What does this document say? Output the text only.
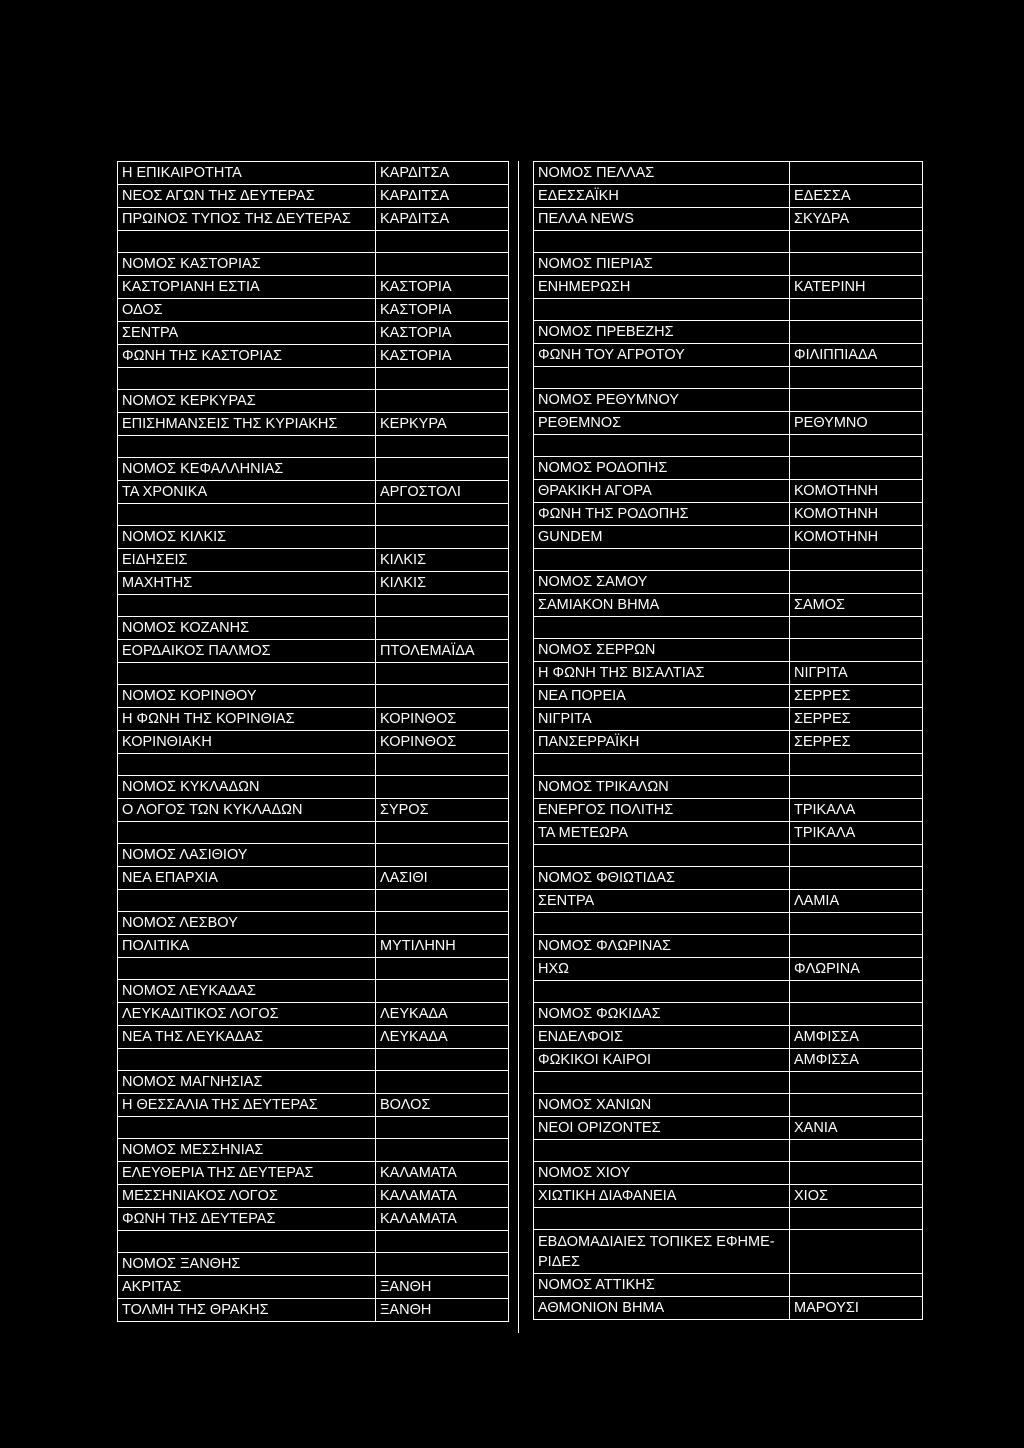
Η ΕΠΙΚΑΙΡΟΤΗΤΑ	ΚΑΡΔΙΤΣΑ
ΝΕΟΣ ΑΓΩΝ ΤΗΣ ΔΕΥΤΕΡΑΣ	ΚΑΡΔΙΤΣΑ
ΠΡΩΙΝΟΣ ΤΥΠΟΣ ΤΗΣ ΔΕΥΤΕΡΑΣ	ΚΑΡΔΙΤΣΑ

ΝΟΜΟΣ ΚΑΣΤΟΡΙΑΣ	
ΚΑΣΤΟΡΙΑΝΗ ΕΣΤΙΑ	ΚΑΣΤΟΡΙΑ
ΟΔΟΣ	ΚΑΣΤΟΡΙΑ
ΣΕΝΤΡΑ	ΚΑΣΤΟΡΙΑ
ΦΩΝΗ ΤΗΣ ΚΑΣΤΟΡΙΑΣ	ΚΑΣΤΟΡΙΑ

ΝΟΜΟΣ ΚΕΡΚΥΡΑΣ	
ΕΠΙΣΗΜΑΝΣΕΙΣ ΤΗΣ ΚΥΡΙΑΚΗΣ	ΚΕΡΚΥΡΑ

ΝΟΜΟΣ ΚΕΦΑΛΛΗΝΙΑΣ	
ΤΑ ΧΡΟΝΙΚΑ	ΑΡΓΟΣΤΟΛΙ

ΝΟΜΟΣ ΚΙΛΚΙΣ	
ΕΙΔΗΣΕΙΣ	ΚΙΛΚΙΣ
ΜΑΧΗΤΗΣ	ΚΙΛΚΙΣ

ΝΟΜΟΣ ΚΟΖΑΝΗΣ	
ΕΟΡΔΑΙΚΟΣ ΠΑΛΜΟΣ	ΠΤΟΛΕΜΑΪΔΑ

ΝΟΜΟΣ ΚΟΡΙΝΘΟΥ	
Η ΦΩΝΗ ΤΗΣ ΚΟΡΙΝΘΙΑΣ	ΚΟΡΙΝΘΟΣ
ΚΟΡΙΝΘΙΑΚΗ	ΚΟΡΙΝΘΟΣ

ΝΟΜΟΣ ΚΥΚΛΑΔΩΝ	
Ο ΛΟΓΟΣ ΤΩΝ ΚΥΚΛΑΔΩΝ	ΣΥΡΟΣ

ΝΟΜΟΣ ΛΑΣΙΘΙΟΥ	
ΝΕΑ ΕΠΑΡΧΙΑ	ΛΑΣΙΘΙ

ΝΟΜΟΣ ΛΕΣΒΟΥ	
ΠΟΛΙΤΙΚΑ	ΜΥΤΙΛΗΝΗ

ΝΟΜΟΣ ΛΕΥΚΑΔΑΣ	
ΛΕΥΚΑΔΙΤΙΚΟΣ ΛΟΓΟΣ	ΛΕΥΚΑΔΑ
ΝΕΑ ΤΗΣ ΛΕΥΚΑΔΑΣ	ΛΕΥΚΑΔΑ

ΝΟΜΟΣ ΜΑΓΝΗΣΙΑΣ	
Η ΘΕΣΣΑΛΙΑ ΤΗΣ ΔΕΥΤΕΡΑΣ	ΒΟΛΟΣ

ΝΟΜΟΣ ΜΕΣΣΗΝΙΑΣ	
ΕΛΕΥΘΕΡΙΑ ΤΗΣ ΔΕΥΤΕΡΑΣ	ΚΑΛΑΜΑΤΑ
ΜΕΣΣΗΝΙΑΚΟΣ ΛΟΓΟΣ	ΚΑΛΑΜΑΤΑ
ΦΩΝΗ ΤΗΣ ΔΕΥΤΕΡΑΣ	ΚΑΛΑΜΑΤΑ

ΝΟΜΟΣ ΞΑΝΘΗΣ	
ΑΚΡΙΤΑΣ	ΞΑΝΘΗ
ΤΟΛΜΗ ΤΗΣ ΘΡΑΚΗΣ	ΞΑΝΘΗ
ΝΟΜΟΣ ΠΕΛΛΑΣ	
ΕΔΕΣΣΑΪΚΗ	ΕΔΕΣΣΑ
ΠΕΛΛΑ NEWS	ΣΚΥΔΡΑ

ΝΟΜΟΣ ΠΙΕΡΙΑΣ	
ΕΝΗΜΕΡΩΣΗ	ΚΑΤΕΡΙΝΗ

ΝΟΜΟΣ ΠΡΕΒΕΖΗΣ	
ΦΩΝΗ ΤΟΥ ΑΓΡΟΤΟΥ	ΦΙΛΙΠΠΙΑΔΑ

ΝΟΜΟΣ ΡΕΘΥΜΝΟΥ	
ΡΕΘΕΜΝΟΣ	ΡΕΘΥΜΝΟ

ΝΟΜΟΣ ΡΟΔΟΠΗΣ	
ΘΡΑΚΙΚΗ ΑΓΟΡΑ	ΚΟΜΟΤΗΝΗ
ΦΩΝΗ ΤΗΣ ΡΟΔΟΠΗΣ	ΚΟΜΟΤΗΝΗ
GUNDEM	ΚΟΜΟΤΗΝΗ

ΝΟΜΟΣ ΣΑΜΟΥ	
ΣΑΜΙΑΚΟΝ ΒΗΜΑ	ΣΑΜΟΣ

ΝΟΜΟΣ ΣΕΡΡΩΝ	
Η ΦΩΝΗ ΤΗΣ ΒΙΣΑΛΤΙΑΣ	ΝΙΓΡΙΤΑ
ΝΕΑ ΠΟΡΕΙΑ	ΣΕΡΡΕΣ
ΝΙΓΡΙΤΑ	ΣΕΡΡΕΣ
ΠΑΝΣΕΡΡΑΪΚΗ	ΣΕΡΡΕΣ

ΝΟΜΟΣ ΤΡΙΚΑΛΩΝ	
ΕΝΕΡΓΟΣ ΠΟΛΙΤΗΣ	ΤΡΙΚΑΛΑ
ΤΑ ΜΕΤΕΩΡΑ	ΤΡΙΚΑΛΑ

ΝΟΜΟΣ ΦΘΙΩΤΙΔΑΣ	
ΣΕΝΤΡΑ	ΛΑΜΙΑ

ΝΟΜΟΣ ΦΛΩΡΙΝΑΣ	
ΗΧΩ	ΦΛΩΡΙΝΑ

ΝΟΜΟΣ ΦΩΚΙΔΑΣ	
ΕΝΔΕΛΦΟΙΣ	ΑΜΦΙΣΣΑ
ΦΩΚΙΚΟΙ ΚΑΙΡΟΙ	ΑΜΦΙΣΣΑ

ΝΟΜΟΣ ΧΑΝΙΩΝ	
ΝΕΟΙ ΟΡΙΖΟΝΤΕΣ	ΧΑΝΙΑ

ΝΟΜΟΣ ΧΙΟΥ	
ΧΙΩΤΙΚΗ ΔΙΑΦΑΝΕΙΑ	ΧΙΟΣ

ΕΒΔΟΜΑΔΙΑΙΕΣ ΤΟΠΙΚΕΣ ΕΦΗΜΕ-ΡΙΔΕΣ	
ΝΟΜΟΣ ΑΤΤΙΚΗΣ	
ΑΘΜΟΝΙΟΝ ΒΗΜΑ	ΜΑΡΟΥΣΙ
